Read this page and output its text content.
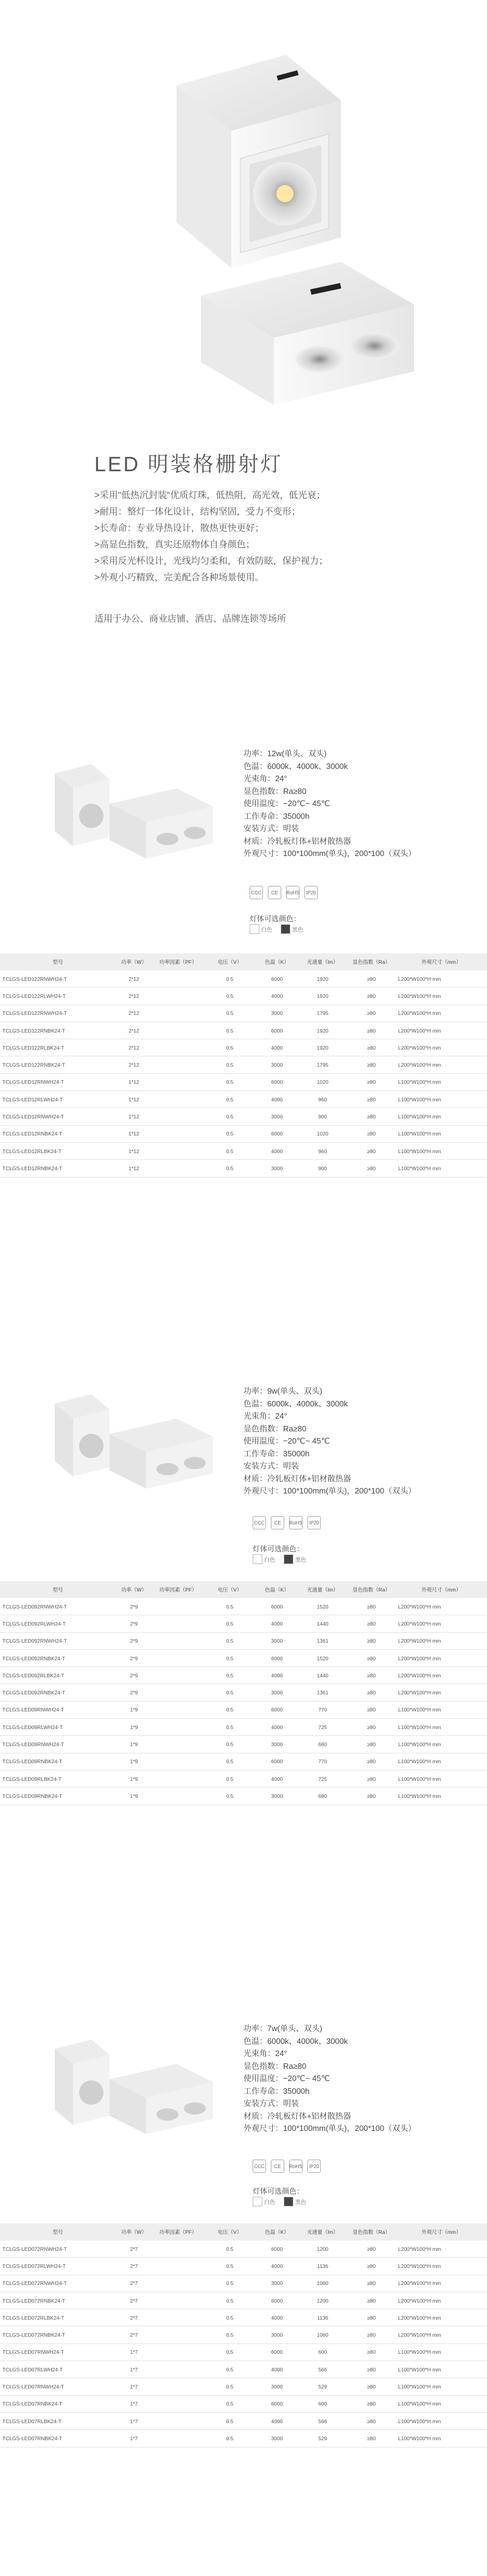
LED 明装格栅射灯
>采用"低热沉封装"优质灯珠，低热阻，高光效，低光衰；
>耐用：整灯一体化设计，结构坚固，受力不变形；
>长寿命：专业导热设计，散热更快更好；
>高显色指数，真实还原物体自身颜色；
>采用反光杯设计，光线均匀柔和，有效防眩，保护视力；
>外观小巧精致，完美配合各种场景使用。
适用于办公、商业店铺、酒店、品牌连锁等场所
功率：12w(单头、双头)
色温：6000k、4000k、3000k
光束角：24°
显色指数：Ra≥80
使用温度：−20℃~ 45℃
工作寿命：35000h
安装方式：明装
材质：冷轧板灯体+铝材散热器
外观尺寸：100*100mm(单头)，200*100（双头）
CCC	CE	RoHS	IP20
灯体可选颜色：
白色	黑色
型号	功率（W）	功率因素（PF）	电压（V）	色温（K）	光通量（lm）	显色指数（Ra）	外观尺寸（mm）
TCLGS-LED122RNWH24-T	2*12		0.5	6000	1920	≥80	L200*W100*H mm
TCLGS-LED122RLWH24-T	2*12		0.5	4000	1920	≥80	L200*W100*H mm
TCLGS-LED122RNWH24-T	2*12		0.5	3000	1795	≥80	L200*W100*H mm
TCLGS-LED122RNBK24-T	2*12		0.5	6000	1920	≥80	L200*W100*H mm
TCLGS-LED122RLBK24-T	2*12		0.5	4000	1920	≥80	L200*W100*H mm
TCLGS-LED122RNBK24-T	2*12		0.5	3000	1795	≥80	L200*W100*H mm
TCLGS-LED12RNWH24-T	1*12		0.5	6000	1020	≥80	L100*W100*H mm
TCLGS-LED12RLWH24-T	1*12		0.5	4000	960	≥80	L100*W100*H mm
TCLGS-LED12RNWH24-T	1*12		0.5	3000	900	≥80	L100*W100*H mm
TCLGS-LED12RNBK24-T	1*12		0.5	6000	1020	≥80	L100*W100*H mm
TCLGS-LED12RLBK24-T	1*12		0.5	4000	960	≥80	L100*W100*H mm
TCLGS-LED12RNBK24-T	1*12		0.5	3000	900	≥80	L100*W100*H mm
功率：9w(单头、双头)
色温：6000k、4000k、3000k
光束角：24°
显色指数：Ra≥80
使用温度：−20℃~ 45℃
工作寿命：35000h
安装方式：明装
材质：冷轧板灯体+铝材散热器
外观尺寸：100*100mm(单头)，200*100（双头）
CCC	CE	RoHS	IP20
灯体可选颜色：
白色	黑色
型号	功率（W）	功率因素（PF）	电压（V）	色温（K）	光通量（lm）	显色指数（Ra）	外观尺寸（mm）
TCLGS-LED092RNWH24-T	2*9		0.5	6000	1520	≥80	L200*W100*H mm
TCLGS-LED092RLWH24-T	2*9		0.5	4000	1440	≥80	L200*W100*H mm
TCLGS-LED092RNWH24-T	2*9		0.5	3000	1361	≥80	L200*W100*H mm
TCLGS-LED092RNBK24-T	2*9		0.5	6000	1520	≥80	L200*W100*H mm
TCLGS-LED092RLBK24-T	2*9		0.5	4000	1440	≥80	L200*W100*H mm
TCLGS-LED092RNBK24-T	2*9		0.5	3000	1361	≥80	L200*W100*H mm
TCLGS-LED09RNWH24-T	1*9		0.5	6000	770	≥80	L100*W100*H mm
TCLGS-LED09RLWH24-T	1*9		0.5	4000	725	≥80	L100*W100*H mm
TCLGS-LED09RNWH24-T	1*9		0.5	3000	680	≥80	L100*W100*H mm
TCLGS-LED09RNBK24-T	1*9		0.5	6000	770	≥80	L100*W100*H mm
TCLGS-LED09RLBK24-T	1*9		0.5	4000	725	≥80	L100*W100*H mm
TCLGS-LED09RNBK24-T	1*9		0.5	3000	680	≥80	L100*W100*H mm
功率：7w(单头、双头)
色温：6000k、4000k、3000k
光束角：24°
显色指数：Ra≥80
使用温度：−20℃~ 45℃
工作寿命：35000h
安装方式：明装
材质：冷轧板灯体+铝材散热器
外观尺寸：100*100mm(单头)，200*100（双头）
CCC	CE	RoHS	IP20
灯体可选颜色：
白色	黑色
型号	功率（W）	功率因素（PF）	电压（V）	色温（K）	光通量（lm）	显色指数（Ra）	外观尺寸（mm）
TCLGS-LED072RNWH24-T	2*7		0.5	6000	1200	≥80	L200*W100*H mm
TCLGS-LED072RLWH24-T	2*7		0.5	4000	1136	≥80	L200*W100*H mm
TCLGS-LED072RNWH24-T	2*7		0.5	3000	1060	≥80	L200*W100*H mm
TCLGS-LED072RNBK24-T	2*7		0.5	6000	1200	≥80	L200*W100*H mm
TCLGS-LED072RLBK24-T	2*7		0.5	4000	1136	≥80	L200*W100*H mm
TCLGS-LED072RNBK24-T	2*7		0.5	3000	1060	≥80	L200*W100*H mm
TCLGS-LED07RNWH24-T	1*7		0.5	6000	600	≥80	L100*W100*H mm
TCLGS-LED07RLWH24-T	1*7		0.5	4000	566	≥80	L100*W100*H mm
TCLGS-LED07RNWH24-T	1*7		0.5	3000	529	≥80	L100*W100*H mm
TCLGS-LED07RNBK24-T	1*7		0.5	6000	600	≥80	L100*W100*H mm
TCLGS-LED07RLBK24-T	1*7		0.5	4000	566	≥80	L100*W100*H mm
TCLGS-LED07RNBK24-T	1*7		0.5	3000	529	≥80	L100*W100*H mm
